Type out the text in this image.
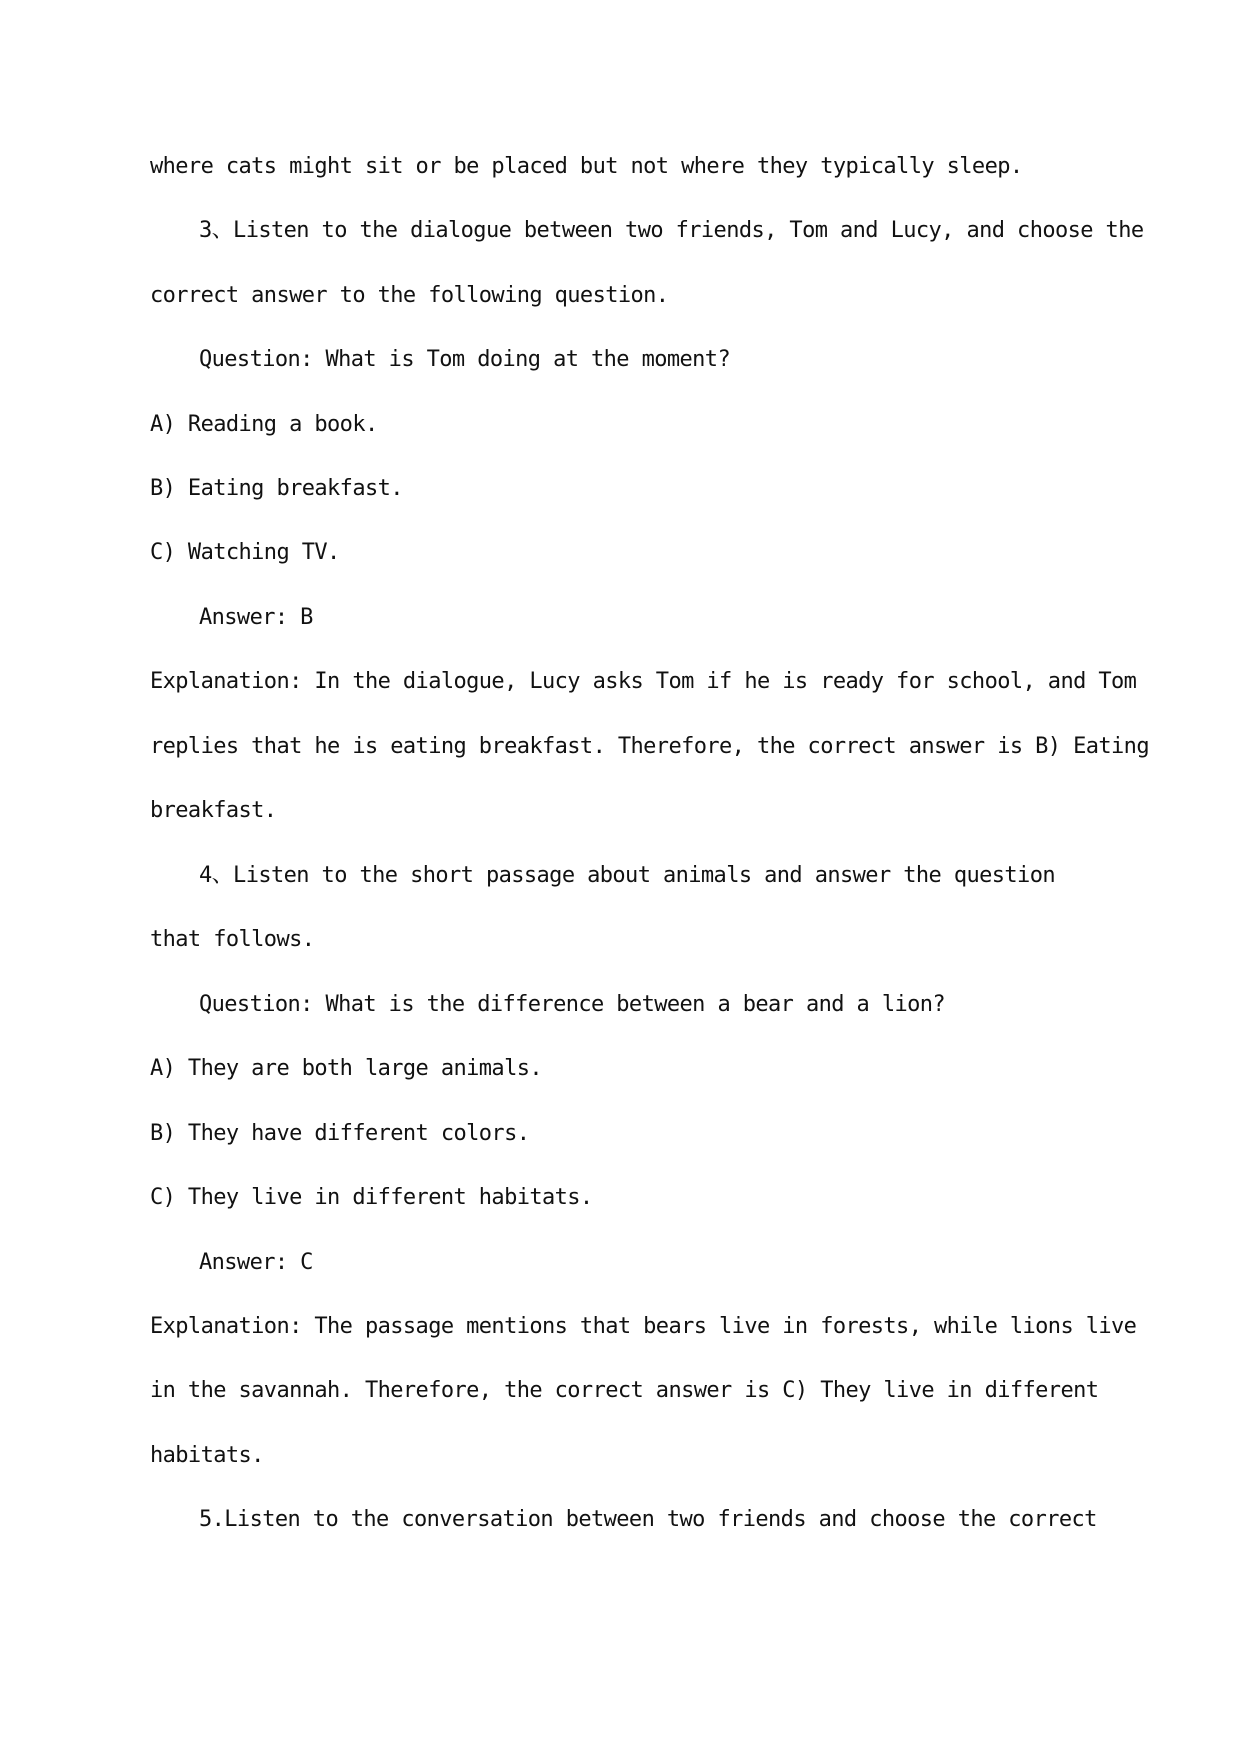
where cats might sit or be placed but not where they typically sleep.
3、Listen to the dialogue between two friends, Tom and Lucy, and choose the
correct answer to the following question.
Question: What is Tom doing at the moment?
A) Reading a book.
B) Eating breakfast.
C) Watching TV.
Answer: B
Explanation: In the dialogue, Lucy asks Tom if he is ready for school, and Tom
replies that he is eating breakfast. Therefore, the correct answer is B) Eating
breakfast.
4、Listen to the short passage about animals and answer the question
that follows.
Question: What is the difference between a bear and a lion?
A) They are both large animals.
B) They have different colors.
C) They live in different habitats.
Answer: C
Explanation: The passage mentions that bears live in forests, while lions live
in the savannah. Therefore, the correct answer is C) They live in different
habitats.
5.Listen to the conversation between two friends and choose the correct
